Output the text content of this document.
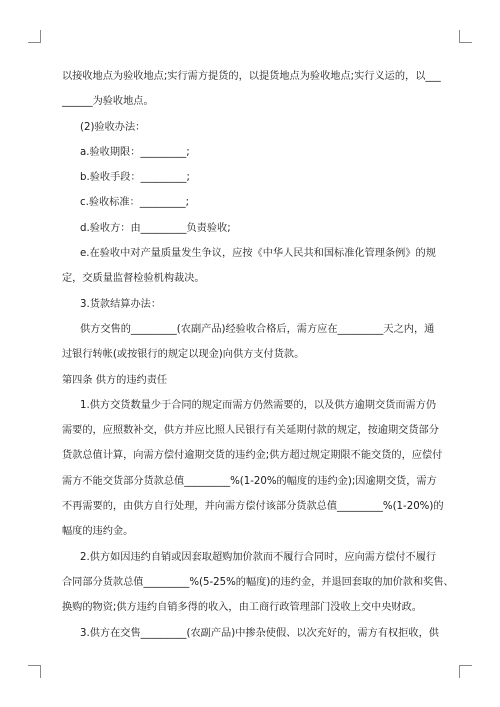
以接收地点为验收地点;实行需方提货的，以提货地点为验收地点;实行义运的，以___
______为验收地点。
(2)验收办法：
a.验收期限：_________;
b.验收手段：_________;
c.验收标准：_________;
d.验收方：由_________负责验收;
e.在验收中对产量质量发生争议，应按《中华人民共和国标准化管理条例》的规
定，交质量监督检验机构裁决。
3.货款结算办法：
供方交售的_________(农副产品)经验收合格后，需方应在_________天之内，通
过银行转帐(或按银行的规定以现金)向供方支付货款。
第四条 供方的违约责任
1.供方交货数量少于合同的规定而需方仍然需要的，以及供方逾期交货而需方仍
需要的，应照数补交，供方并应比照人民银行有关延期付款的规定，按逾期交货部分
货款总值计算，向需方偿付逾期交货的违约金;供方超过规定期限不能交货的，应偿付
需方不能交货部分货款总值_________%(1-20%的幅度的违约金);因逾期交货，需方
不再需要的，由供方自行处理，并向需方偿付该部分货款总值_________%(1-20%)的
幅度的违约金。
2.供方如因违约自销或因套取超购加价款而不履行合同时，应向需方偿付不履行
合同部分货款总值_________%(5-25%的幅度)的违约金，并退回套取的加价款和奖售、
换购的物资;供方违约自销多得的收入，由工商行政管理部门没收上交中央财政。
3.供方在交售_________(农副产品)中掺杂使假、以次充好的，需方有权拒收，供
